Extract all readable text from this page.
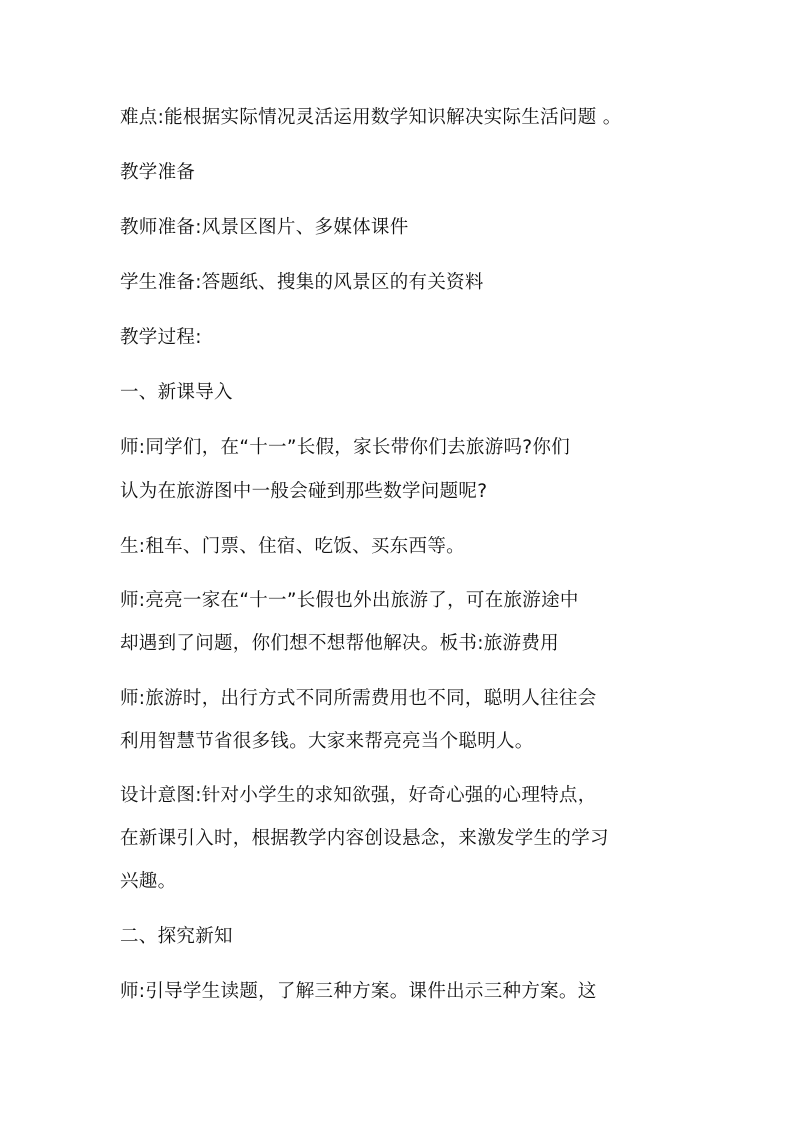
难点:能根据实际情况灵活运用数学知识解决实际生活问题 。
教学准备
教师准备:风景区图片、多媒体课件
学生准备:答题纸、搜集的风景区的有关资料
教学过程:
一、新课导入
师:同学们，在“十一”长假，家长带你们去旅游吗?你们
认为在旅游图中一般会碰到那些数学问题呢?
生:租车、门票、住宿、吃饭、买东西等。
师:亮亮一家在“十一”长假也外出旅游了，可在旅游途中
却遇到了问题，你们想不想帮他解决。板书:旅游费用
师:旅游时，出行方式不同所需费用也不同，聪明人往往会
利用智慧节省很多钱。大家来帮亮亮当个聪明人。
设计意图:针对小学生的求知欲强，好奇心强的心理特点，
在新课引入时，根据教学内容创设悬念，来激发学生的学习
兴趣。
二、探究新知
师:引导学生读题，了解三种方案。课件出示三种方案。这
